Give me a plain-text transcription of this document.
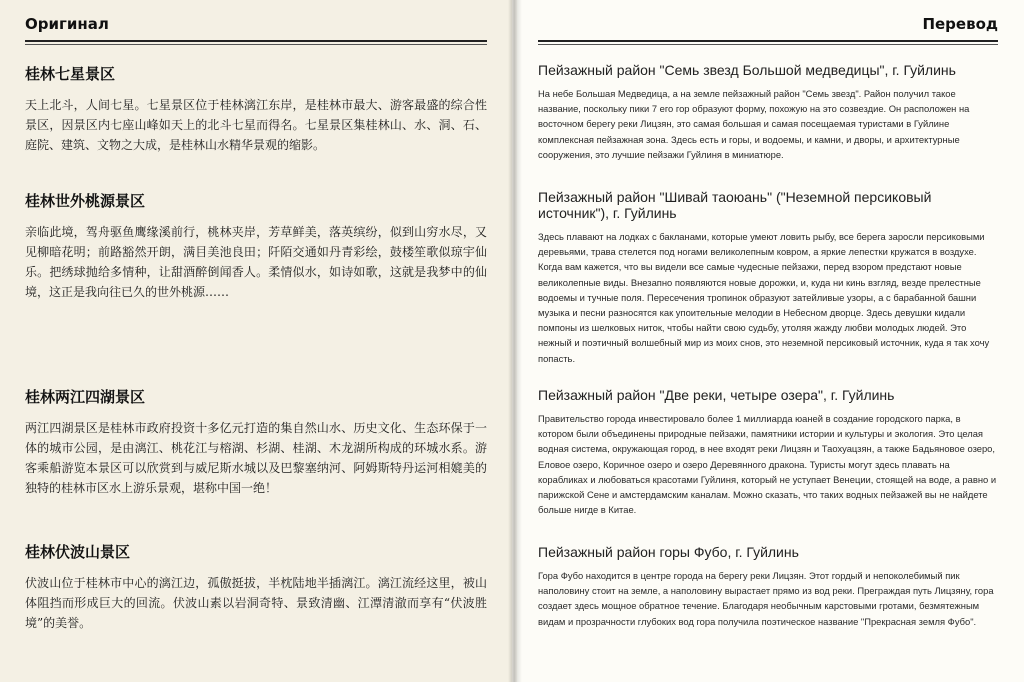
Оригинал
桂林七星景区

天上北斗，人间七星。七星景区位于桂林漓江东岸，是桂林市最大、游客最盛的综合性景区，因景区内七座山峰如天上的北斗七星而得名。七星景区集桂林山、水、洞、石、庭院、建筑、文物之大成，是桂林山水精华景观的缩影。

桂林世外桃源景区

亲临此境，驾舟驱鱼鹰缘溪前行，桃林夹岸，芳草鲜美，落英缤纷，似到山穷水尽，又见柳暗花明；前路豁然开朗，满目美池良田；阡陌交通如丹青彩绘，鼓楼笙歌似琼宇仙乐。把绣球抛给多情种，让甜酒醉倒闻香人。柔情似水，如诗如歌，这就是我梦中的仙境，这正是我向往已久的世外桃源……

桂林两江四湖景区

两江四湖景区是桂林市政府投资十多亿元打造的集自然山水、历史文化、生态环保于一体的城市公园，是由漓江、桃花江与榕湖、杉湖、桂湖、木龙湖所构成的环城水系。游客乘船游览本景区可以欣赏到与威尼斯水城以及巴黎塞纳河、阿姆斯特丹运河相媲美的独特的桂林市区水上游乐景观，堪称中国一绝！

桂林伏波山景区

伏波山位于桂林市中心的漓江边，孤傲挺拔，半枕陆地半插漓江。漓江流经这里，被山体阻挡而形成巨大的回流。伏波山素以岩洞奇特、景致清幽、江潭清澈而享有“伏波胜境”的美誉。

Перевод
Пейзажный район "Семь звезд Большой медведицы", г. Гуйлинь

На небе Большая Медведица, а на земле пейзажный район "Семь звезд". Район получил такое название, поскольку пики 7 его гор образуют форму, похожую на это созвездие. Он расположен на восточном берегу реки Лицзян, это самая большая и самая посещаемая туристами в Гуйлине комплексная пейзажная зона. Здесь есть и горы, и водоемы, и камни, и дворы, и архитектурные сооружения, это лучшие пейзажи Гуйлиня в миниатюре.

Пейзажный район "Шивай таоюань" ("Неземной персиковый источник"), г. Гуйлинь

Здесь плавают на лодках с бакланами, которые умеют ловить рыбу, все берега заросли персиковыми деревьями, трава стелется под ногами великолепным ковром, а яркие лепестки кружатся в воздухе. Когда вам кажется, что вы видели все самые чудесные пейзажи, перед взором предстают новые великолепные виды. Внезапно появляются новые дорожки, и, куда ни кинь взгляд, везде прелестные водоемы и тучные поля. Пересечения тропинок образуют затейливые узоры, а с барабанной башни музыка и песни разносятся как упоительные мелодии в Небесном дворце. Здесь девушки кидали помпоны из шелковых ниток, чтобы найти свою судьбу, утоляя жажду любви молодых людей. Это нежный и поэтичный волшебный мир из моих снов, это неземной персиковый источник, куда я так хочу попасть.

Пейзажный район "Две реки, четыре озера", г. Гуйлинь

Правительство города инвестировало более 1 миллиарда юаней в создание городского парка, в котором были объединены природные пейзажи, памятники истории и культуры и экология. Это целая водная система, окружающая город, в нее входят реки Лицзян и Таохуацзян, а также Бадьяновое озеро, Еловое озеро, Коричное озеро и озеро Деревянного дракона. Туристы могут здесь плавать на корабликах и любоваться красотами Гуйлиня, который не уступает Венеции, стоящей на воде, а равно и парижской Сене и амстердамским каналам. Можно сказать, что таких водных пейзажей вы не найдете больше нигде в Китае.

Пейзажный район горы Фубо, г. Гуйлинь

Гора Фубо находится в центре города на берегу реки Лицзян. Этот гордый и непоколебимый пик наполовину стоит на земле, а наполовину вырастает прямо из вод реки. Преграждая путь Лицзяну, гора создает здесь мощное обратное течение. Благодаря необычным карстовыми гротами, безмятежным видам и прозрачности глубоких вод гора получила поэтическое название "Прекрасная земля Фубо".
